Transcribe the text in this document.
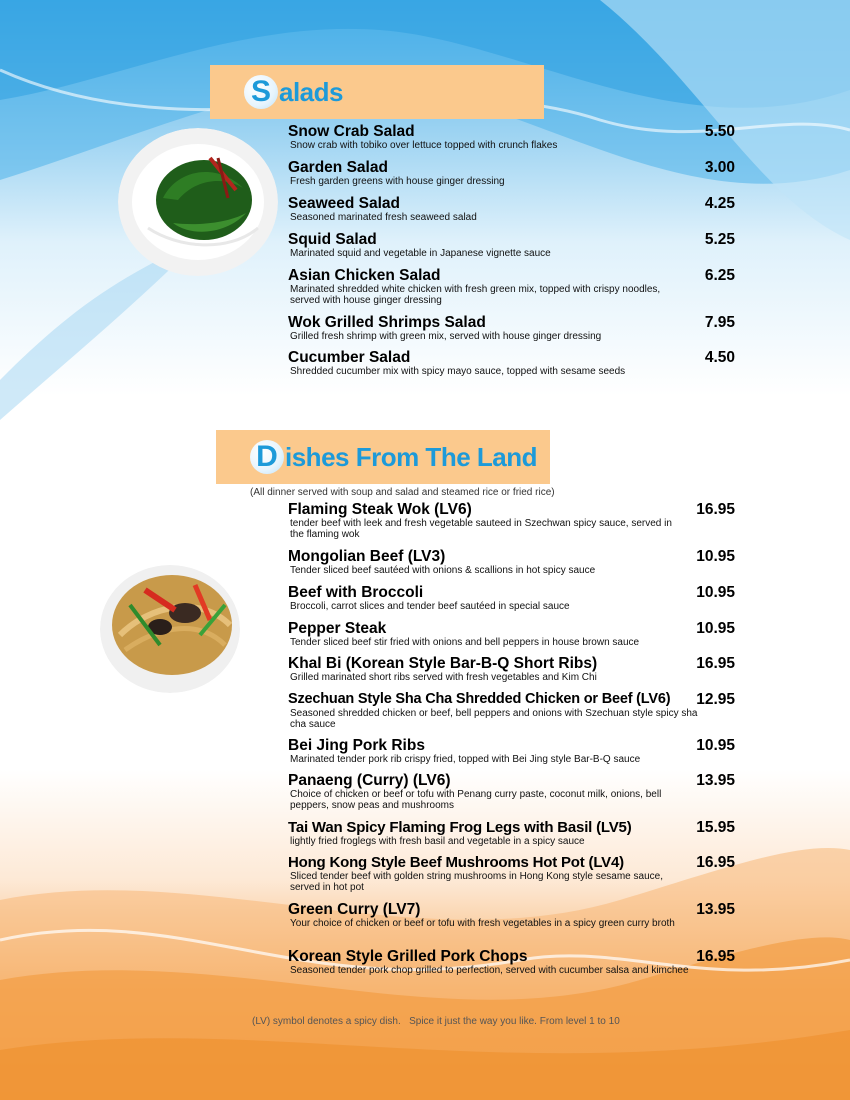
S alads
Snow Crab Salad	5.50
Snow crab with tobiko over lettuce topped with crunch flakes
Garden Salad	3.00
Fresh garden greens with house ginger dressing
Seaweed Salad	4.25
Seasoned marinated fresh seaweed salad
Squid Salad	5.25
Marinated squid and vegetable in Japanese vignette sauce
Asian Chicken Salad	6.25
Marinated shredded white chicken with fresh green mix, topped with crispy noodles, served with house ginger dressing
Wok Grilled Shrimps Salad	7.95
Grilled fresh shrimp with green mix, served with house ginger dressing
Cucumber Salad	4.50
Shredded cucumber mix with spicy mayo sauce, topped with sesame seeds
D ishes From The Land
(All dinner served with soup and salad and steamed rice or fried rice)
Flaming Steak Wok (LV6)	16.95
tender beef with leek and fresh vegetable sauteed in Szechwan spicy sauce, served in the flaming wok
Mongolian Beef (LV3)	10.95
Tender sliced beef sautéed with onions & scallions in hot spicy sauce
Beef with Broccoli	10.95
Broccoli, carrot slices and tender beef sautéed in special sauce
Pepper Steak	10.95
Tender sliced beef stir fried with onions and bell peppers in house brown sauce
Khal Bi (Korean Style Bar-B-Q Short Ribs)	16.95
Grilled marinated short ribs served with fresh vegetables and Kim Chi
Szechuan Style Sha Cha Shredded Chicken or Beef (LV6)	12.95
Seasoned shredded chicken or beef, bell peppers and onions with Szechuan style spicy sha cha sauce
Bei Jing Pork Ribs	10.95
Marinated tender pork rib crispy fried, topped with Bei Jing style Bar-B-Q sauce
Panaeng (Curry) (LV6)	13.95
Choice of chicken or beef or tofu with Penang curry paste, coconut milk, onions, bell peppers, snow peas and mushrooms
Tai Wan Spicy Flaming Frog Legs with Basil (LV5)	15.95
lightly fried froglegs with fresh basil and vegetable in a spicy sauce
Hong Kong Style Beef Mushrooms Hot Pot (LV4)	16.95
Sliced tender beef with golden string mushrooms in Hong Kong style sesame sauce, served in hot pot
Green Curry (LV7)	13.95
Your choice of chicken or beef or tofu with fresh vegetables in a spicy green curry broth
Korean Style Grilled Pork Chops	16.95
Seasoned tender pork chop grilled to perfection, served with cucumber salsa and kimchee
(LV) symbol denotes a spicy dish.   Spice it just the way you like. From level 1 to 10
